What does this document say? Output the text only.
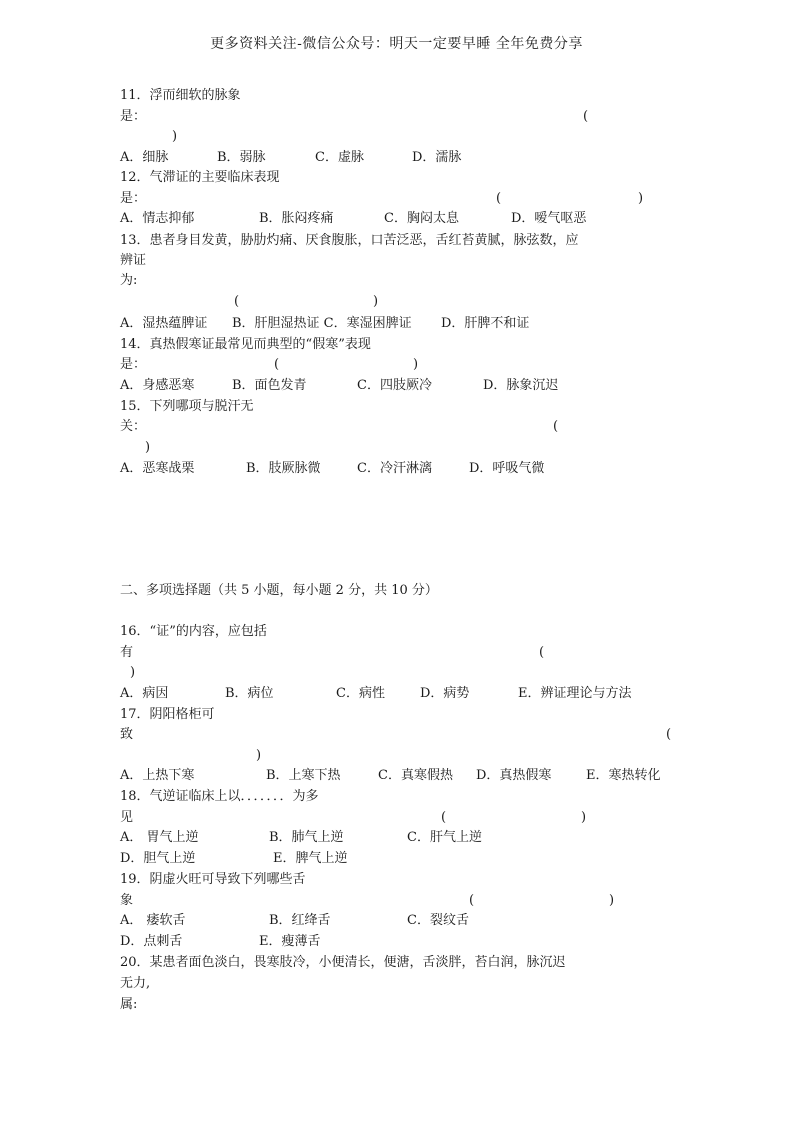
更多资料关注-微信公众号：明天一定要早睡 全年免费分享
11．浮而细软的脉象
是：	(
)
A．细脉	B．弱脉	C．虚脉	D．濡脉
12．气滞证的主要临床表现
是：	(	)
A．情志抑郁	B．胀闷疼痛	C．胸闷太息	D．嗳气呕恶
13．患者身目发黄，胁肋灼痛、厌食腹胀，口苦泛恶，舌红苔黄腻，脉弦数，应
辨证
为:
(	)
A．湿热蕴脾证 B．肝胆湿热证 C．寒湿困脾证 D．肝脾不和证
14．真热假寒证最常见而典型的“假寒”表现
是：	(	)
A．身感恶寒	B．面色发青	C．四肢厥冷	D．脉象沉迟
15．下列哪项与脱汗无
关：	(
)
A．恶寒战栗	B．肢厥脉微	C．冷汗淋漓	D．呼吸气微
二、多项选择题（共 5 小题，每小题 2 分，共 10 分）
16．“证”的内容，应包括
有	(
)
A．病因	B．病位	C．病性	D．病势	E．辨证理论与方法
17．阴阳格柜可
致	(
)
A．上热下寒	B．上寒下热	C．真寒假热 D．真热假寒	E．寒热转化
18．气逆证临床上以．．．．．．．为多
见	(	)
A． 胃气上逆	B．肺气上逆	C．肝气上逆
D．胆气上逆	E．脾气上逆
19．阴虚火旺可导致下列哪些舌
象	(	)
A． 痿软舌	B．红绛舌	C．裂纹舌
D．点刺舌	E．瘦薄舌
20．某患者面色淡白，畏寒肢冷，小便清长，便溏，舌淡胖，苔白润，脉沉迟
无力,
属:
